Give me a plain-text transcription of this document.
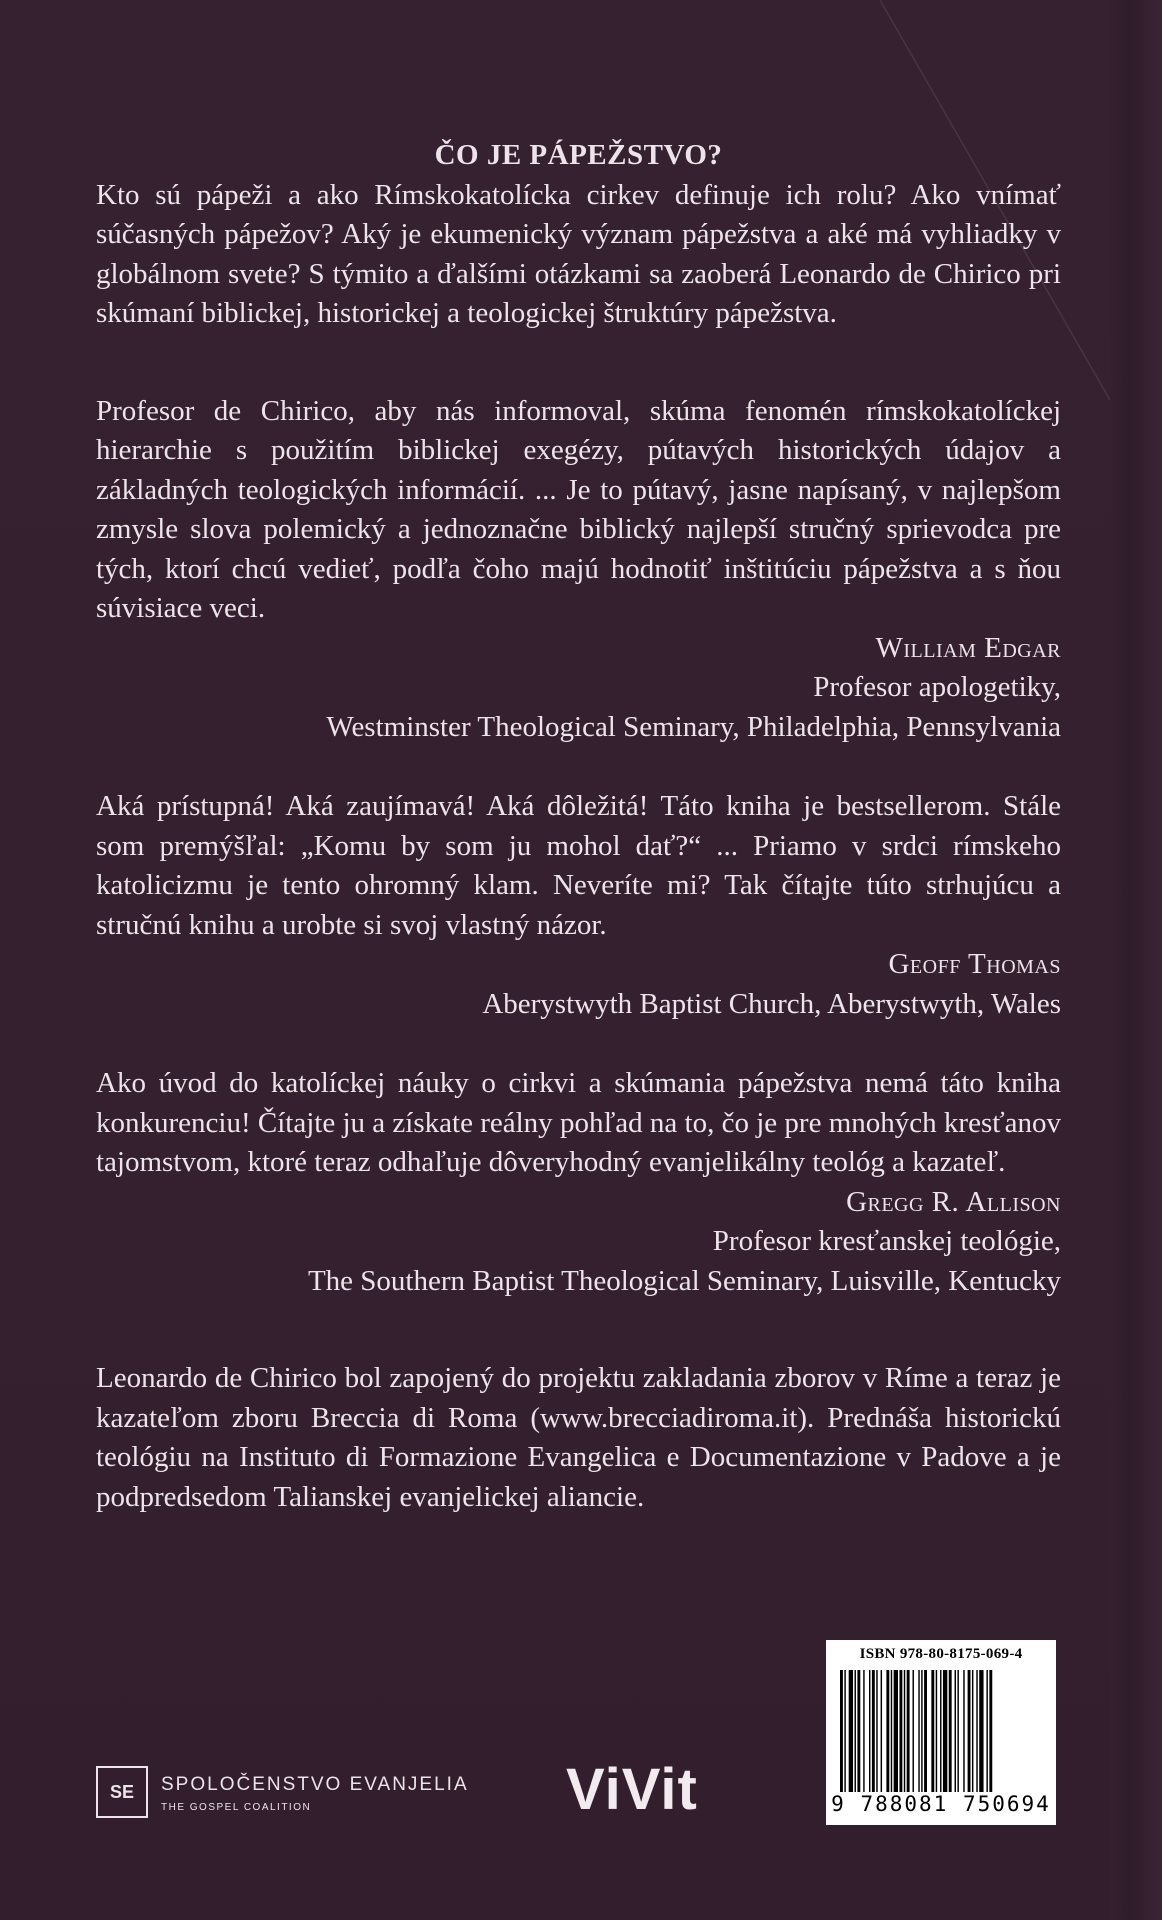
ČO JE PÁPEŽSTVO?

Kto sú pápeži a ako Rímskokatolícka cirkev definuje ich rolu? Ako vnímať súčasných pápežov? Aký je ekumenický význam pápežstva a aké má vyhliadky v globálnom svete? S týmito a ďalšími otázkami sa zaoberá Leonardo de Chirico pri skúmaní biblickej, historickej a teologickej štruktúry pápežstva.

Profesor de Chirico, aby nás informoval, skúma fenomén rímskokatolíckej hierarchie s použitím biblickej exegézy, pútavých historických údajov a základných teologických informácií. ... Je to pútavý, jasne napísaný, v najlepšom zmysle slova polemický a jednoznačne biblický najlepší stručný sprievodca pre tých, ktorí chcú vedieť, podľa čoho majú hodnotiť inštitúciu pápežstva a s ňou súvisiace veci.

William Edgar
Profesor apologetiky,
Westminster Theological Seminary, Philadelphia, Pennsylvania

Aká prístupná! Aká zaujímavá! Aká dôležitá! Táto kniha je bestsellerom. Stále som premýšľal: „Komu by som ju mohol dať?“ ... Priamo v srdci rímskeho katolicizmu je tento ohromný klam. Neveríte mi? Tak čítajte túto strhujúcu a stručnú knihu a urobte si svoj vlastný názor.

Geoff Thomas
Aberystwyth Baptist Church, Aberystwyth, Wales

Ako úvod do katolíckej náuky o cirkvi a skúmania pápežstva nemá táto kniha konkurenciu! Čítajte ju a získate reálny pohľad na to, čo je pre mnohých kresťanov tajomstvom, ktoré teraz odhaľuje dôveryhodný evanjelikálny teológ a kazateľ.

Gregg R. Allison
Profesor kresťanskej teológie,
The Southern Baptist Theological Seminary, Luisville, Kentucky

Leonardo de Chirico bol zapojený do projektu zakladania zborov v Ríme a teraz je kazateľom zboru Breccia di Roma (www.brecciadiroma.it). Prednáša historickú teológiu na Instituto di Formazione Evangelica e Documentazione v Padove a je podpredsedom Talianskej evanjelickej aliancie.

SE	SPOLOČENSTVO EVANJELIA
THE GOSPEL COALITION	ViVit
ISBN 978-80-8175-069-4
9 788081 750694
